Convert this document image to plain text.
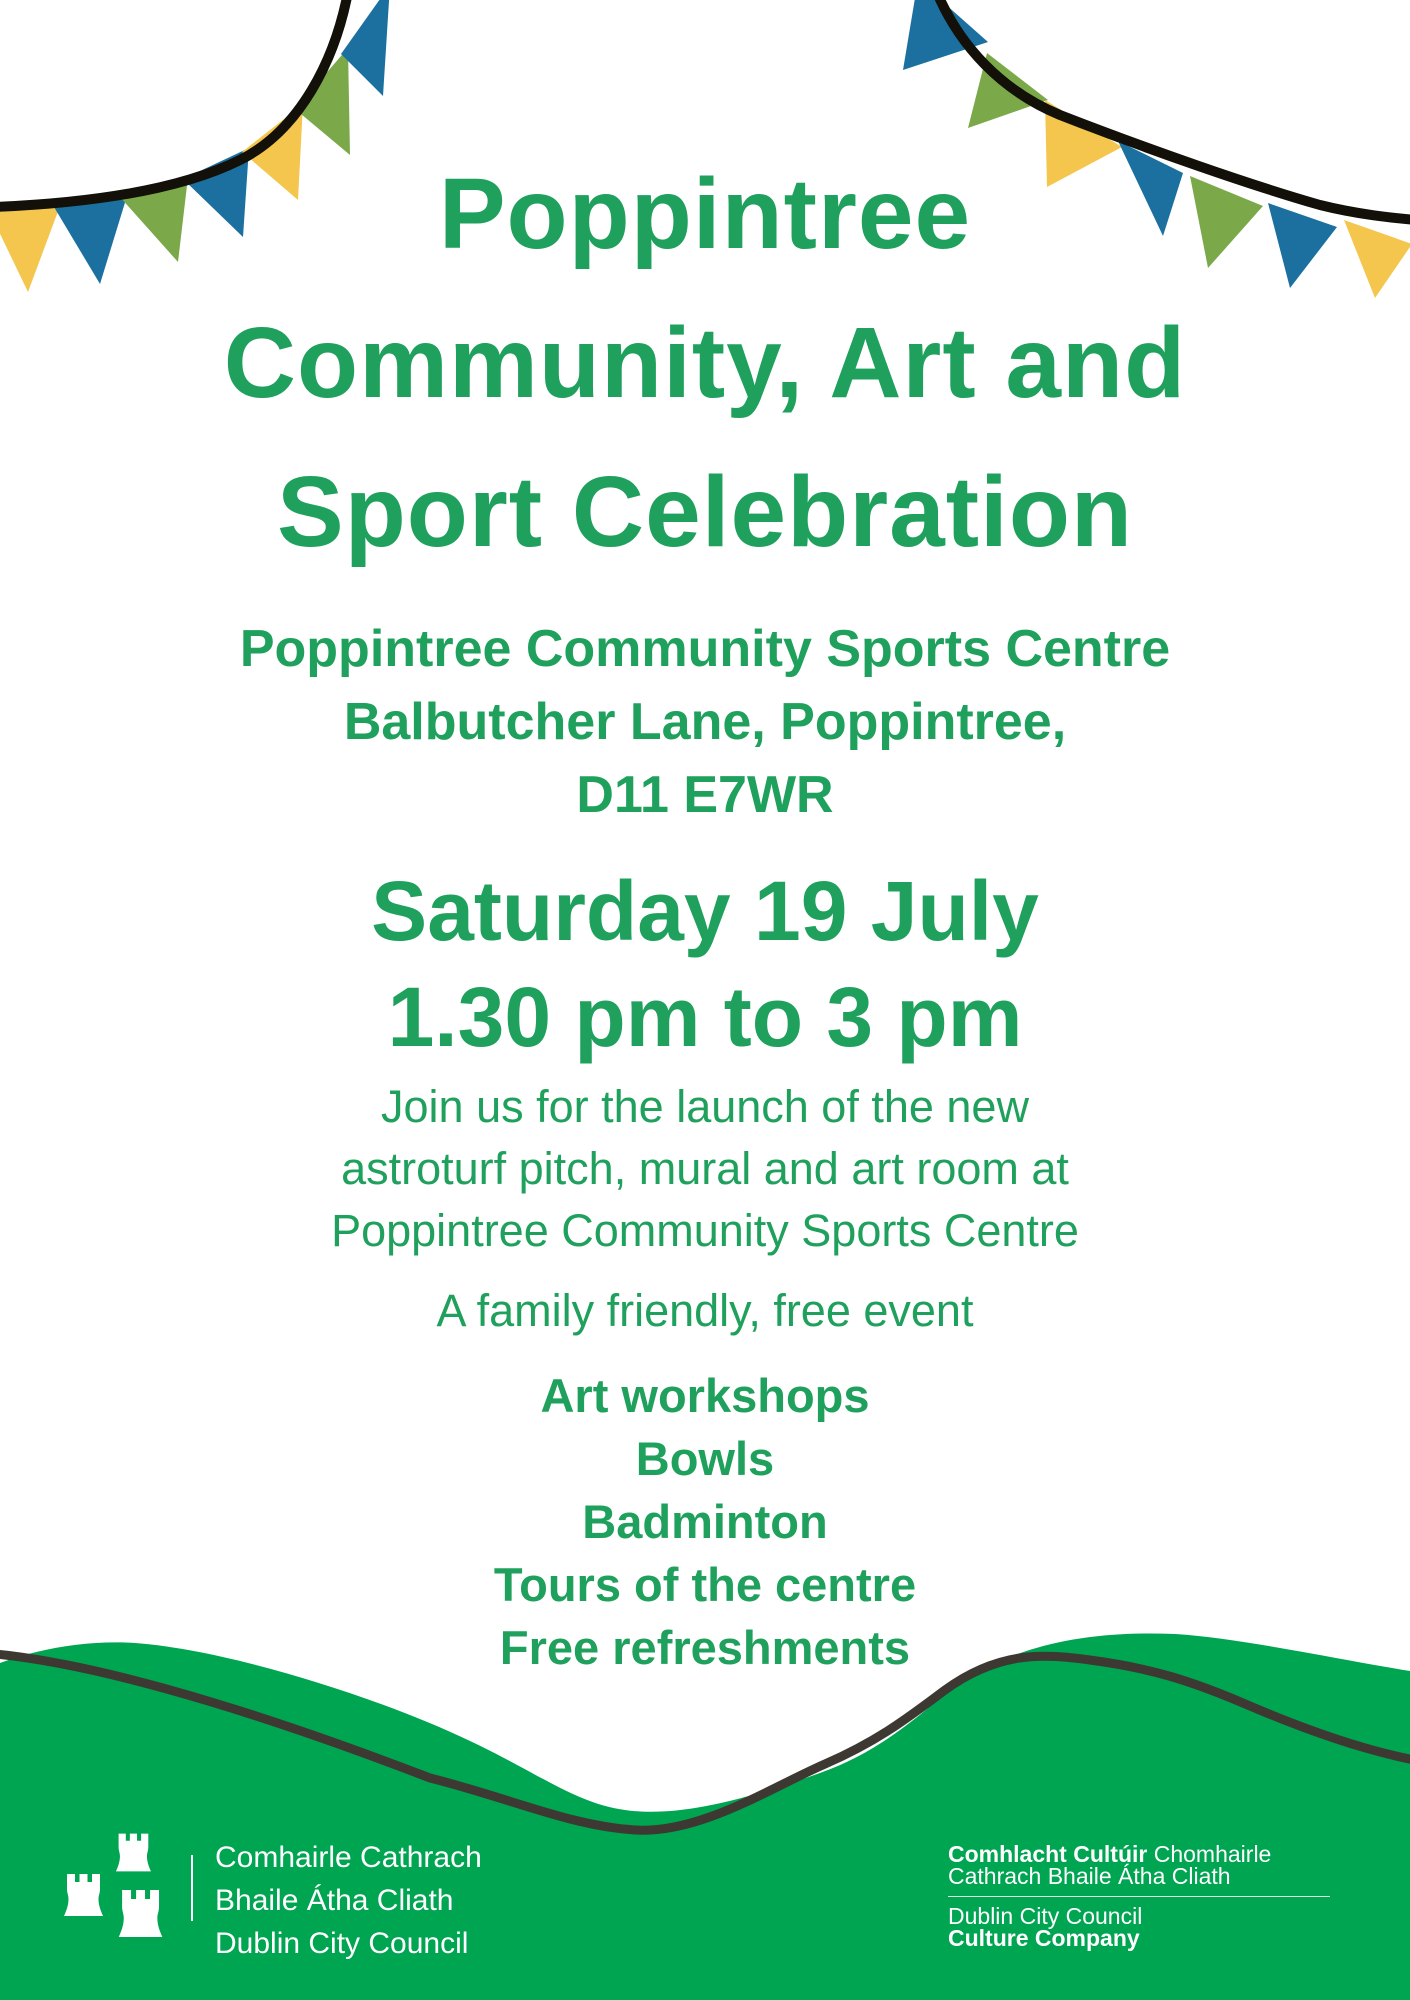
Poppintree
Community, Art and
Sport Celebration
Poppintree Community Sports Centre
Balbutcher Lane, Poppintree,
D11 E7WR
Saturday 19 July
1.30 pm to 3 pm
Join us for the launch of the new
astroturf pitch, mural and art room at
Poppintree Community Sports Centre
A family friendly, free event
Art workshops
Bowls
Badminton
Tours of the centre
Free refreshments
Comhairle Cathrach
Bhaile Átha Cliath
Dublin City Council
Comhlacht Cultúir Chomhairle
Cathrach Bhaile Átha Cliath
Dublin City Council
Culture Company
